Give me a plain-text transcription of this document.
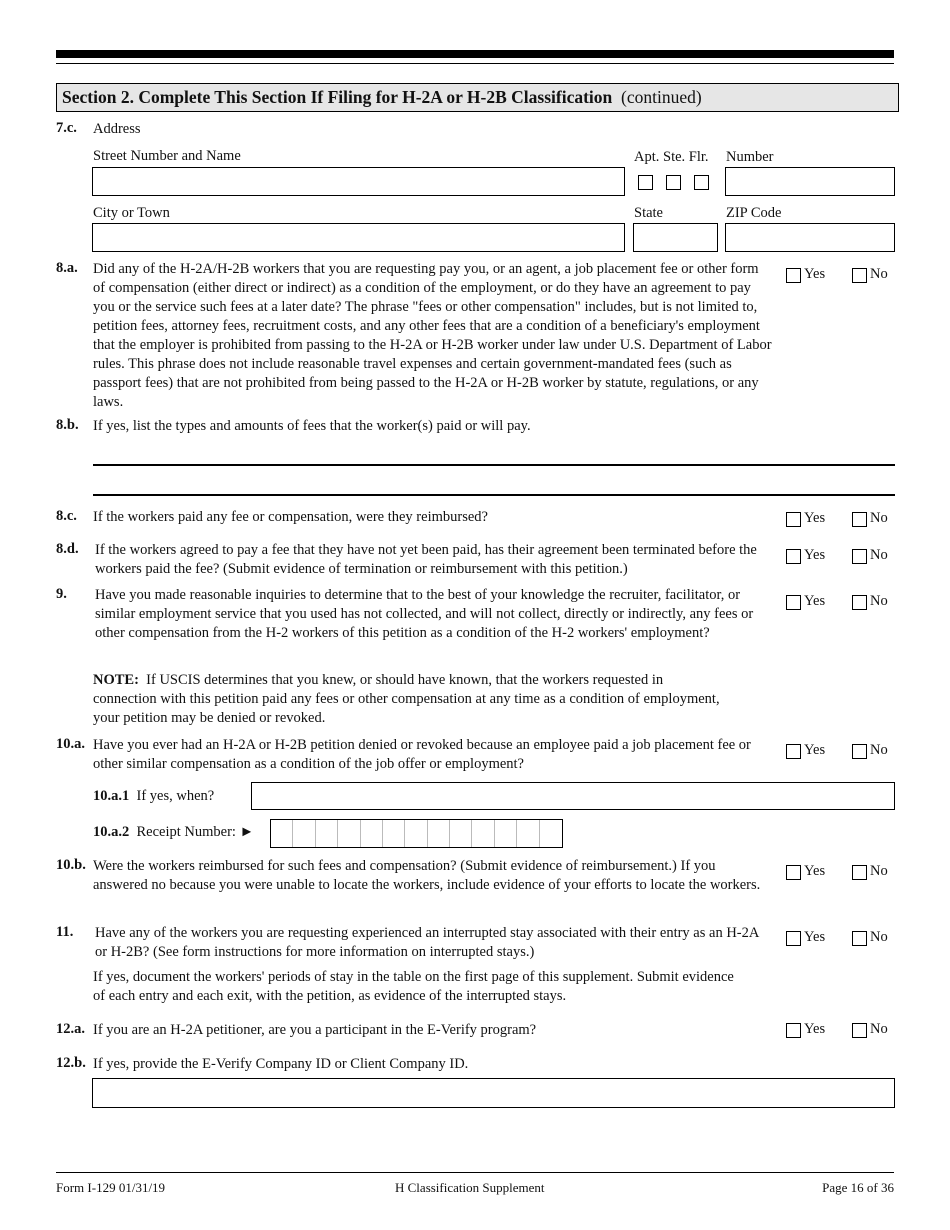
Section 2. Complete This Section If Filing for H-2A or H-2B Classification (continued)
7.c. Address
Street Number and Name	Apt. Ste. Flr. Number
City or Town	State	ZIP Code
8.a. Did any of the H-2A/H-2B workers that you are requesting pay you, or an agent, a job placement fee or other form of compensation (either direct or indirect) as a condition of the employment, or do they have an agreement to pay you or the service such fees at a later date? The phrase "fees or other compensation" includes, but is not limited to, petition fees, attorney fees, recruitment costs, and any other fees that are a condition of a beneficiary's employment that the employer is prohibited from passing to the H-2A or H-2B worker under law under U.S. Department of Labor rules. This phrase does not include reasonable travel expenses and certain government-mandated fees (such as passport fees) that are not prohibited from being passed to the H-2A or H-2B worker by statute, regulations, or any laws.
Yes	No
8.b. If yes, list the types and amounts of fees that the worker(s) paid or will pay.
8.c. If the workers paid any fee or compensation, were they reimbursed?	Yes	No
8.d. If the workers agreed to pay a fee that they have not yet been paid, has their agreement been terminated before the workers paid the fee? (Submit evidence of termination or reimbursement with this petition.)
Yes	No
9. Have you made reasonable inquiries to determine that to the best of your knowledge the recruiter, facilitator, or similar employment service that you used has not collected, and will not collect, directly or indirectly, any fees or other compensation from the H-2 workers of this petition as a condition of the H-2 workers' employment?
Yes	No
NOTE: If USCIS determines that you knew, or should have known, that the workers requested in connection with this petition paid any fees or other compensation at any time as a condition of employment, your petition may be denied or revoked.
10.a. Have you ever had an H-2A or H-2B petition denied or revoked because an employee paid a job placement fee or other similar compensation as a condition of the job offer or employment?
Yes	No
10.a.1 If yes, when?
10.a.2 Receipt Number: ►
10.b. Were the workers reimbursed for such fees and compensation? (Submit evidence of reimbursement.) If you answered no because you were unable to locate the workers, include evidence of your efforts to locate the workers.
Yes	No
11. Have any of the workers you are requesting experienced an interrupted stay associated with their entry as an H-2A or H-2B? (See form instructions for more information on interrupted stays.)
Yes	No
If yes, document the workers' periods of stay in the table on the first page of this supplement. Submit evidence of each entry and each exit, with the petition, as evidence of the interrupted stays.
12.a. If you are an H-2A petitioner, are you a participant in the E-Verify program?	Yes	No
12.b. If yes, provide the E-Verify Company ID or Client Company ID.
Form I-129 01/31/19	H Classification Supplement	Page 16 of 36
